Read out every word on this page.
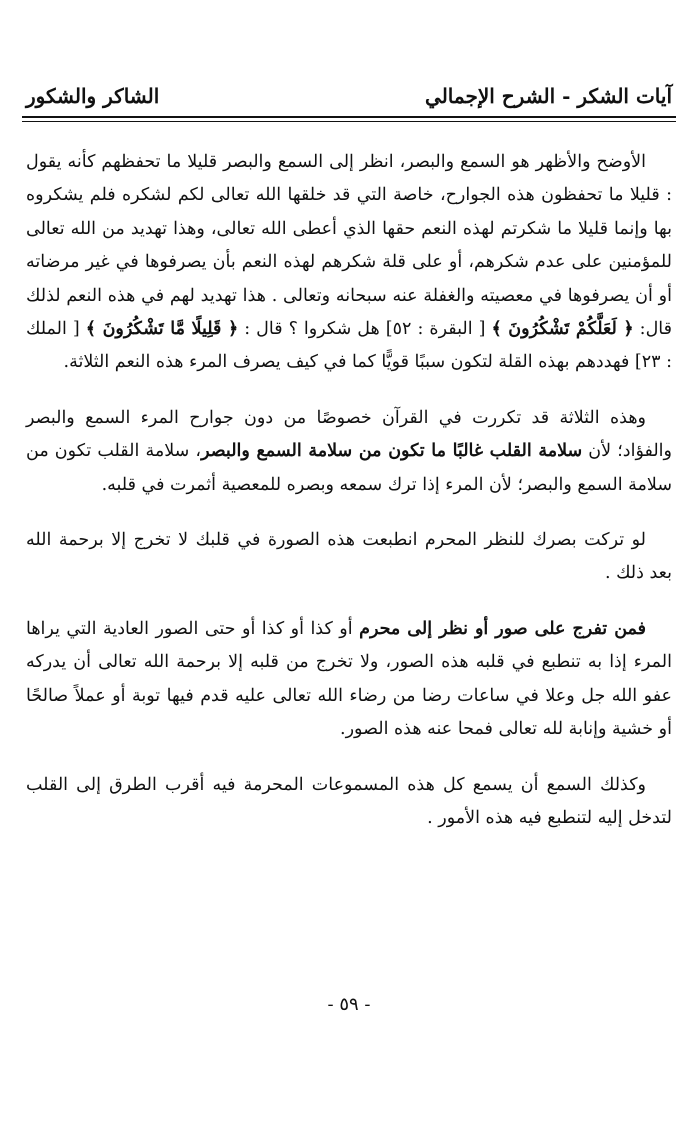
آيات الشكر - الشرح الإجمالي
الشاكر والشكور

الأوضح والأظهر هو السمع والبصر، انظر إلى السمع والبصر قليلا ما تحفظهم كأنه يقول : قليلا ما تحفظون هذه الجوارح، خاصة التي قد خلقها الله تعالى لكم لشكره فلم يشكروه بها وإنما قليلا ما شكرتم لهذه النعم حقها الذي أعطى الله تعالى، وهذا تهديد من الله تعالى للمؤمنين على عدم شكرهم، أو على قلة شكرهم لهذه النعم بأن يصرفوها في غير مرضاته أو أن يصرفوها في معصيته والغفلة عنه سبحانه وتعالى . هذا تهديد لهم في هذه النعم لذلك قال: ﴿ لَعَلَّكُمْ تَشْكُرُونَ ﴾ [ البقرة : ٥٢] هل شكروا ؟ قال : ﴿ قَلِيلًا مَّا تَشْكُرُونَ ﴾ [ الملك : ٢٣] فهددهم بهذه القلة لتكون سببًا قويًّا كما في كيف يصرف المرء هذه النعم الثلاثة.

وهذه الثلاثة قد تكررت في القرآن خصوصًا من دون جوارح المرء السمع والبصر والفؤاد؛ لأن سلامة القلب غالبًا ما تكون من سلامة السمع والبصر، سلامة القلب تكون من سلامة السمع والبصر؛ لأن المرء إذا ترك سمعه وبصره للمعصية أثمرت في قلبه.

لو تركت بصرك للنظر المحرم انطبعت هذه الصورة في قلبك لا تخرج إلا برحمة الله بعد ذلك .

فمن تفرج على صور أو نظر إلى محرم أو كذا أو كذا أو حتى الصور العادية التي يراها المرء إذا به تنطبع في قلبه هذه الصور، ولا تخرج من قلبه إلا برحمة الله تعالى أن يدركه عفو الله جل وعلا في ساعات رضا من رضاء الله تعالى عليه قدم فيها توبة أو عملاً صالحًا أو خشية وإنابة لله تعالى فمحا عنه هذه الصور.

وكذلك السمع أن يسمع كل هذه المسموعات المحرمة فيه أقرب الطرق إلى القلب لتدخل إليه لتنطبع فيه هذه الأمور .

- ٥٩ -
